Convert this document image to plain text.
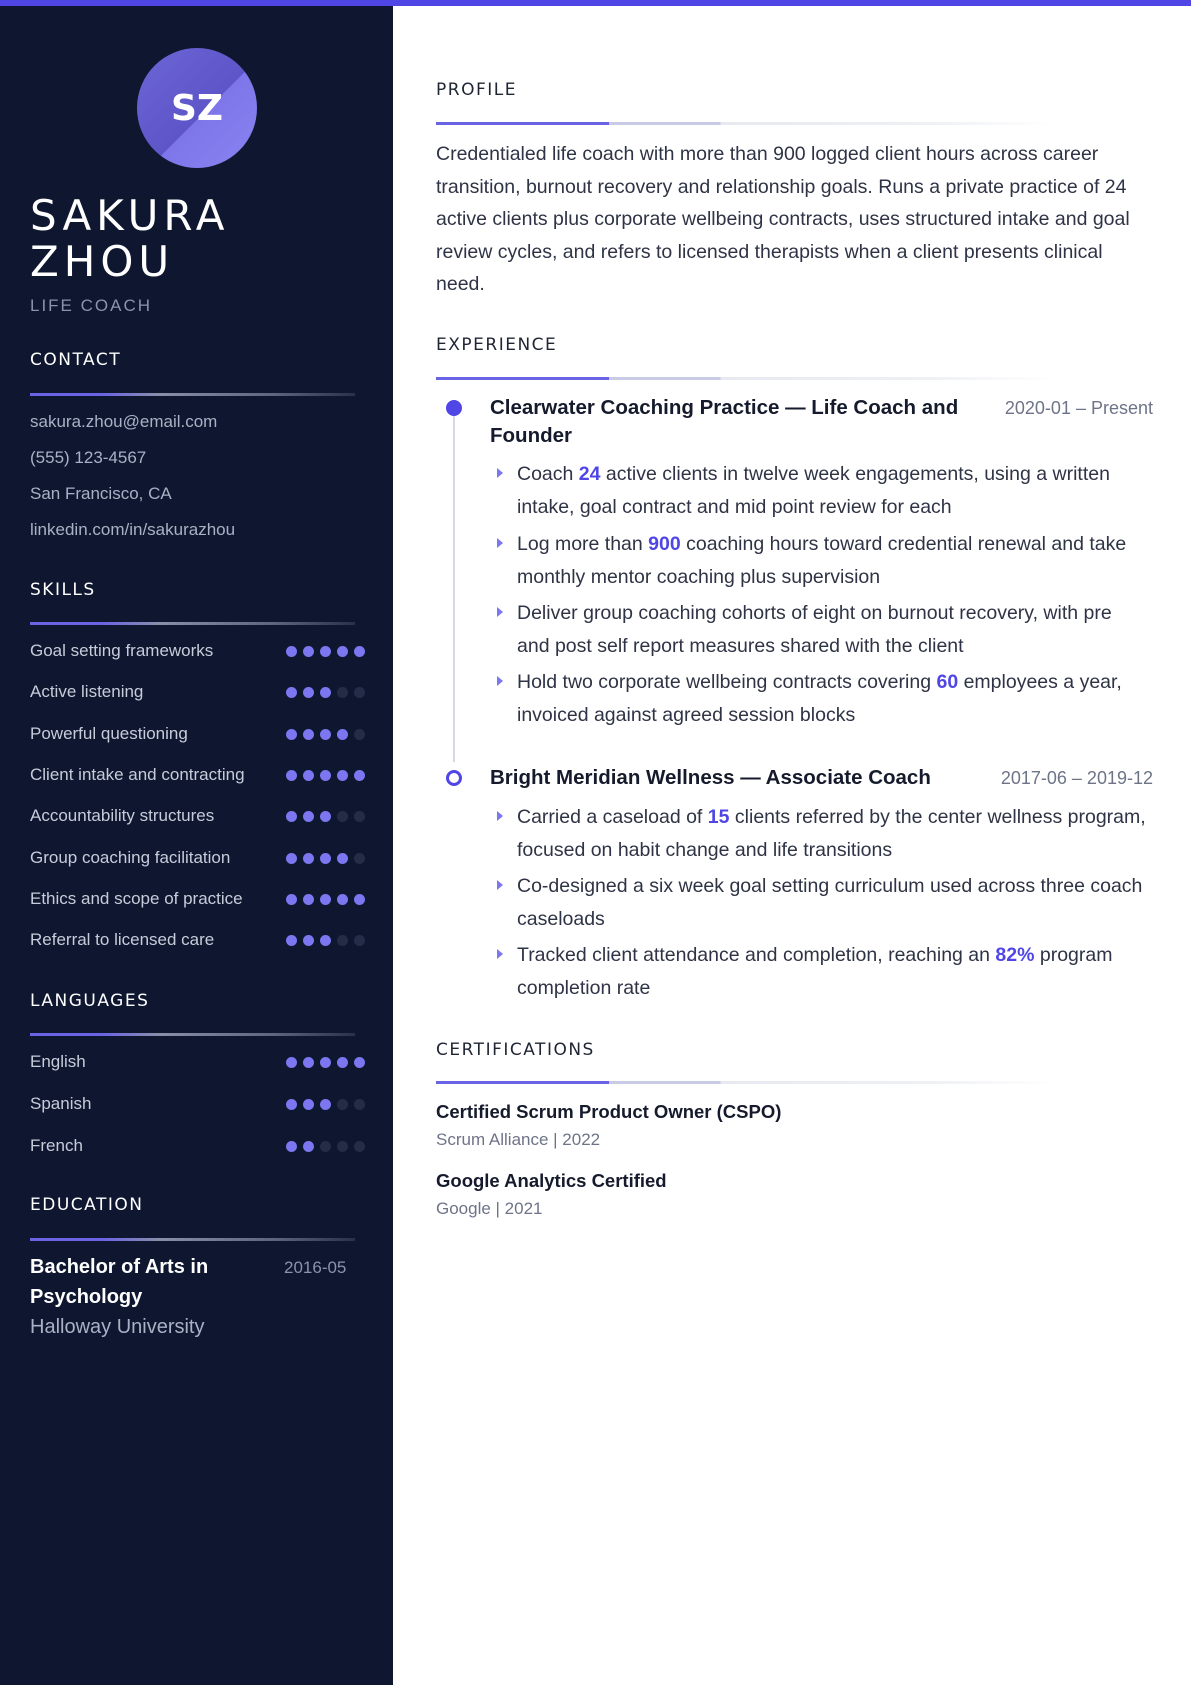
SZ
SAKURA
ZHOU
LIFE COACH
CONTACT
sakura.zhou@email.com
(555) 123-4567
San Francisco, CA
linkedin.com/in/sakurazhou
SKILLS
Goal setting frameworks
Active listening
Powerful questioning
Client intake and contracting
Accountability structures
Group coaching facilitation
Ethics and scope of practice
Referral to licensed care
LANGUAGES
English
Spanish
French
EDUCATION
Bachelor of Arts in Psychology
2016-05
Halloway University
PROFILE
Credentialed life coach with more than 900 logged client hours across career transition, burnout recovery and relationship goals. Runs a private practice of 24 active clients plus corporate wellbeing contracts, uses structured intake and goal review cycles, and refers to licensed therapists when a client presents clinical need.
EXPERIENCE
Clearwater Coaching Practice — Life Coach and Founder
2020-01 – Present
Coach 24 active clients in twelve week engagements, using a written intake, goal contract and mid point review for each
Log more than 900 coaching hours toward credential renewal and take monthly mentor coaching plus supervision
Deliver group coaching cohorts of eight on burnout recovery, with pre and post self report measures shared with the client
Hold two corporate wellbeing contracts covering 60 employees a year, invoiced against agreed session blocks
Bright Meridian Wellness — Associate Coach	2017-06 – 2019-12
Carried a caseload of 15 clients referred by the center wellness program, focused on habit change and life transitions
Co-designed a six week goal setting curriculum used across three coach caseloads
Tracked client attendance and completion, reaching an 82% program completion rate
CERTIFICATIONS
Certified Scrum Product Owner (CSPO)
Scrum Alliance | 2022
Google Analytics Certified
Google | 2021
